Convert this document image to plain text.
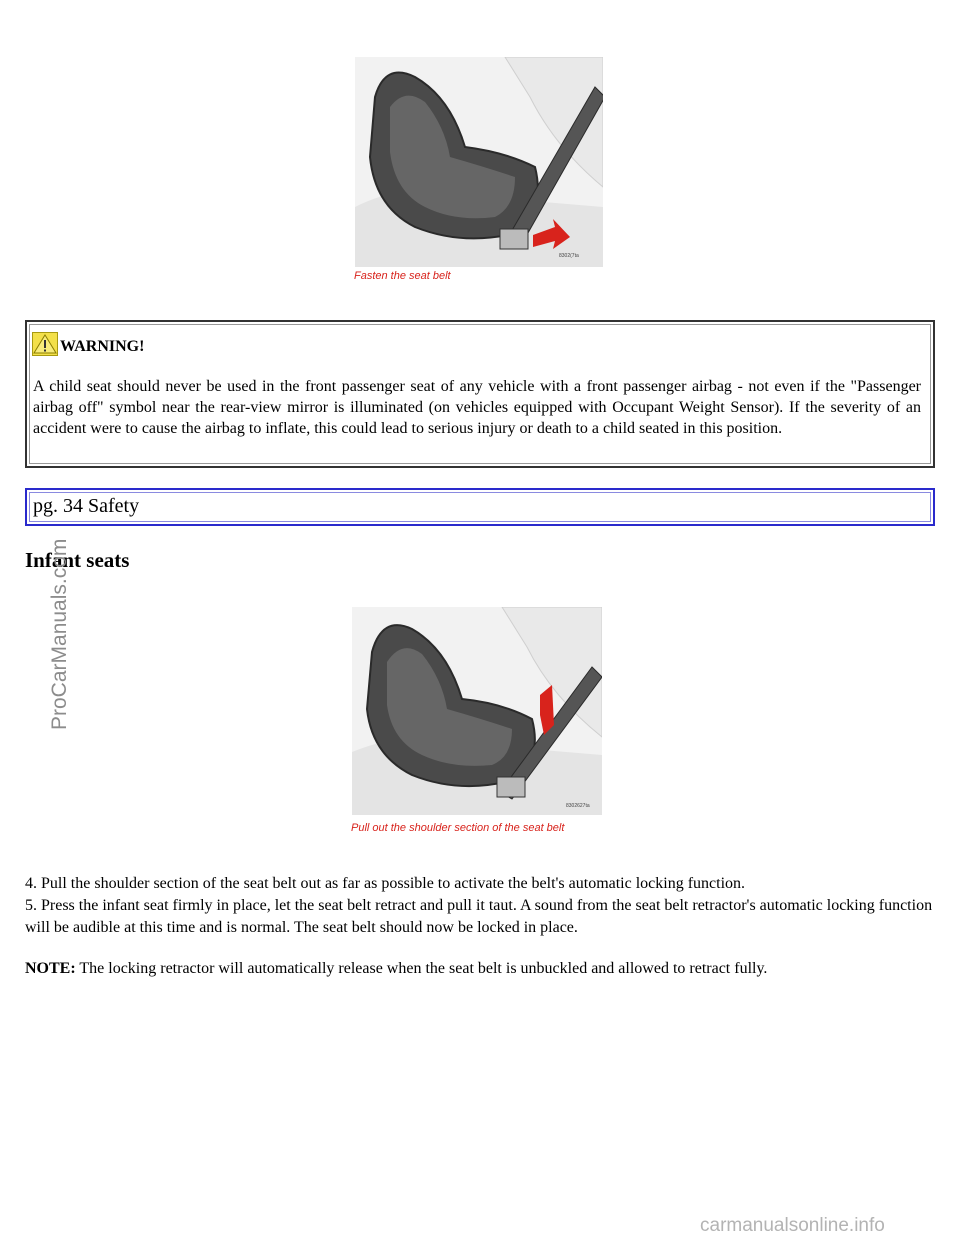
8302(7ta
Fasten the seat belt
WARNING!
A child seat should never be used in the front passenger seat of any vehicle with a front passenger airbag - not even if the "Passenger airbag off" symbol near the rear-view mirror is illuminated (on vehicles equipped with Occupant Weight Sensor). If the severity of an accident were to cause the airbag to inflate, this could lead to serious injury or death to a child seated in this position.
pg. 34 Safety
Infant seats
8302627ta
Pull out the shoulder section of the seat belt
4. Pull the shoulder section of the seat belt out as far as possible to activate the belt's automatic locking function.
5. Press the infant seat firmly in place, let the seat belt retract and pull it taut. A sound from the seat belt retractor's automatic locking function will be audible at this time and is normal. The seat belt should now be locked in place.
NOTE: The locking retractor will automatically release when the seat belt is unbuckled and allowed to retract fully.
ProCarManuals.com
carmanualsonline.info
